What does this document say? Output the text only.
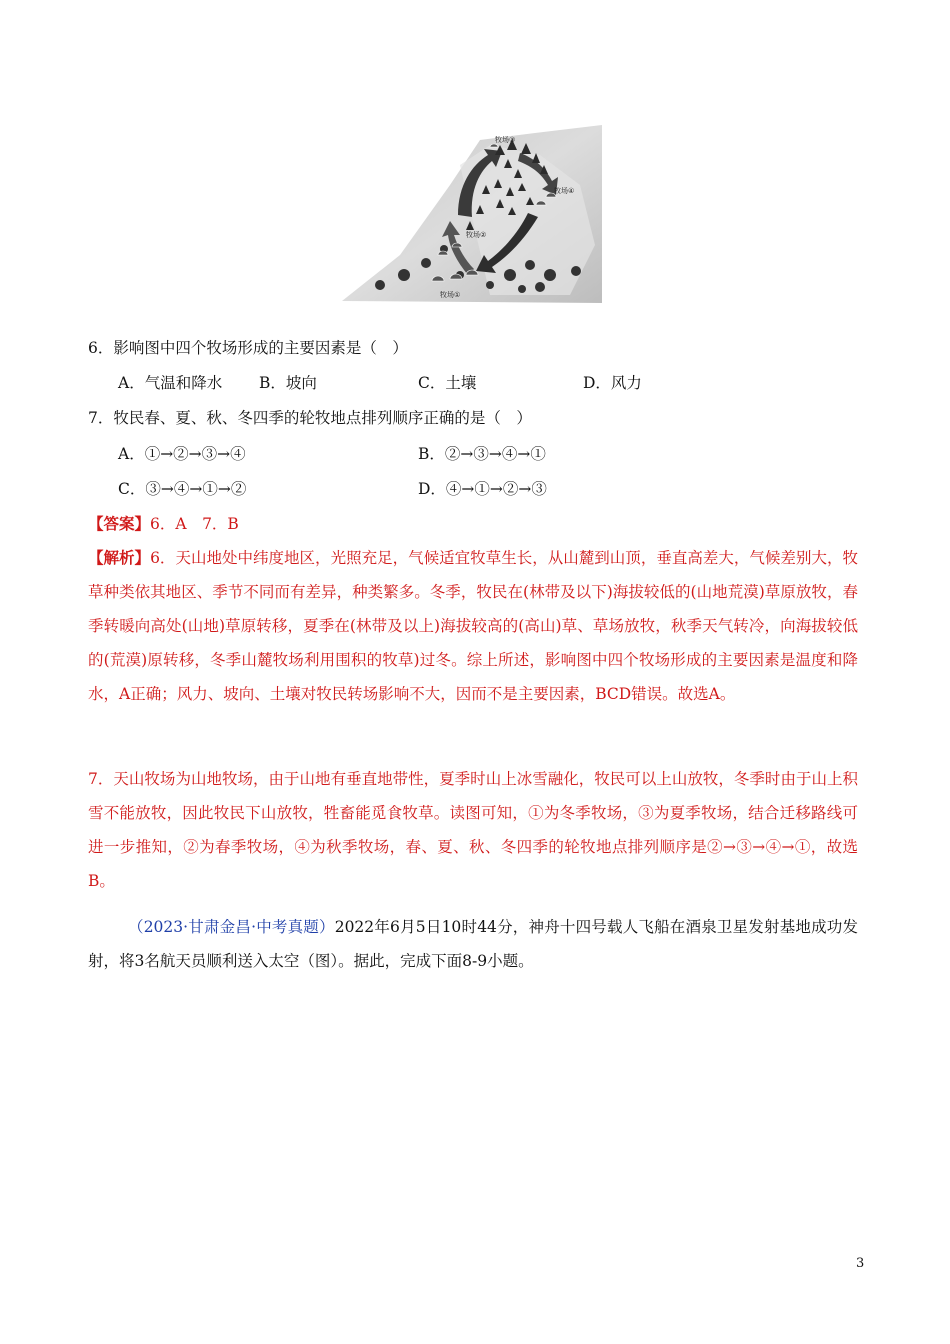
牧场③
牧场④
牧场②
牧场①
6．影响图中四个牧场形成的主要因素是（　）
A．气温和降水 B．坡向	C．土壤	D．风力
7．牧民春、夏、秋、冬四季的轮牧地点排列顺序正确的是（　）
A．①→②→③→④	B．②→③→④→①
C．③→④→①→②	D．④→①→②→③
【答案】6．A　7．B
【解析】6．天山地处中纬度地区，光照充足，气候适宜牧草生长，从山麓到山顶，垂直高差大，气候差别大，牧草种类依其地区、季节不同而有差异，种类繁多。冬季，牧民在(林带及以下)海拔较低的(山地荒漠)草原放牧，春季转暖向高处(山地)草原转移，夏季在(林带及以上)海拔较高的(高山)草、草场放牧，秋季天气转冷，向海拔较低的(荒漠)原转移，冬季山麓牧场利用围积的牧草)过冬。综上所述，影响图中四个牧场形成的主要因素是温度和降水，A正确；风力、坡向、土壤对牧民转场影响不大，因而不是主要因素，BCD错误。故选A。
7．天山牧场为山地牧场，由于山地有垂直地带性，夏季时山上冰雪融化，牧民可以上山放牧，冬季时由于山上积雪不能放牧，因此牧民下山放牧，牲畜能觅食牧草。读图可知，①为冬季牧场，③为夏季牧场，结合迁移路线可进一步推知，②为春季牧场，④为秋季牧场，春、夏、秋、冬四季的轮牧地点排列顺序是②→③→④→①，故选B。
（2023·甘肃金昌·中考真题）2022年6月5日10时44分，神舟十四号载人飞船在酒泉卫星发射基地成功发射，将3名航天员顺利送入太空（图）。据此，完成下面8-9小题。
3
